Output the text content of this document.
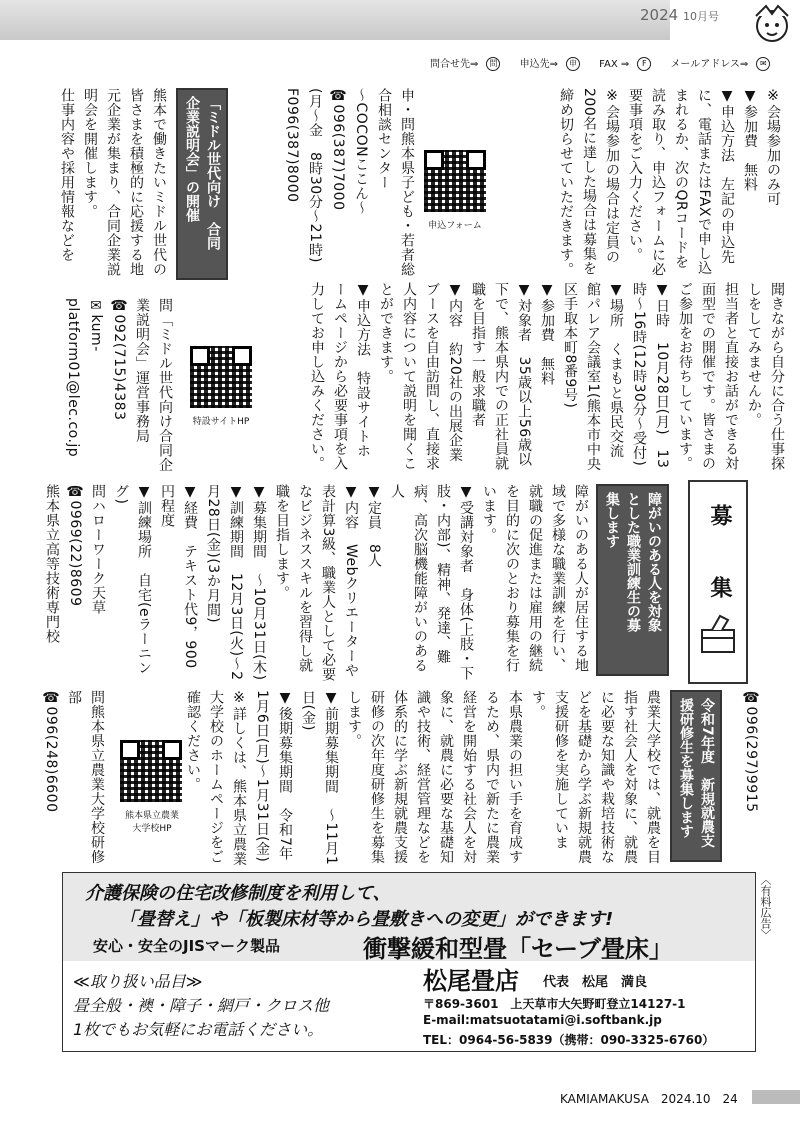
2024 10月号
問合せ先⇒ 問 申込先⇒ 申 FAX ⇒ F メールアドレス⇒ ✉
※会場参加のみ可
▼参加費　無料
▼申込方法　左記の申込先に、電話またはFAXで申し込まれるか、次のQRコードを読み取り、申込フォームに必要事項をご入力ください。
※会場参加の場合は定員の200名に達した場合は募集を締め切らせていただきます。
申込フォーム
申・問熊本県子ども・若者総合相談センター
〜COCONここん〜
☎096(387)7000
(月〜金　8時30分〜21時)
F096(387)8000
「ミドル世代向け　合同
企業説明会」の開催
熊本で働きたいミドル世代の皆さまを積極的に応援する地元企業が集まり、合同企業説明会を開催します。
仕事内容や採用情報などを
聞きながら自分に合う仕事探しをしてみませんか。
担当者と直接お話ができる対面型での開催です。皆さまのご参加をお待ちしています。
▼日時　10月28日(月)　13時〜16時(12時30分〜受付)
▼場所　くまもと県民交流館パレア会議室1(熊本市中央区手取本町8番9号)
▼参加費　無料
▼対象者　35歳以上56歳以下で、熊本県内での正社員就職を目指す一般求職者
▼内容　約20社の出展企業ブースを自由訪問し、直接求人内容について説明を聞くことができます。
▼申込方法　特設サイトホームページから必要事項を入力してお申し込みください。
特設サイトHP
問「ミドル世代向け合同企業説明会」運営事務局
☎092(715)4383
✉kum-platform01@lec.co.jp
募　集
障がいのある人を対象
とした職業訓練生の募
集します
障がいのある人が居住する地域で多様な職業訓練を行い、就職の促進または雇用の継続を目的に次のとおり募集を行います。
▼受講対象者　身体(上肢・下肢・内部)、精神、発達、難病、高次脳機能障がいのある人
▼定員　8人
▼内容　Webクリエーターや表計算3級、職業人として必要なビジネススキルを習得し就職を目指します。
▼募集期間　〜10月31日(木)
▼訓練期間　12月3日(火)〜2月28日(金)(3か月間)
▼経費　テキスト代9，900円程度
▼訓練場所　自宅(eラーニング)
問ハローワーク天草
☎0969(22)8609
熊本県立高等技術専門校
☎096(297)9915
令和7年度　新規就農支
援研修生を募集します
農業大学校では、就農を目指す社会人を対象に、就農に必要な知識や栽培技術などを基礎から学ぶ新規就農支援研修を実施しています。
本県農業の担い手を育成するため、県内で新たに農業経営を開始する社会人を対象に、就農に必要な基礎知識や技術、経営管理などを体系的に学ぶ新規就農支援研修の次年度研修生を募集します。
▼前期募集期間　〜11月1日(金)
▼後期募集期間　令和7年1月6日(月)〜1月31日(金)
※詳しくは、熊本県立農業大学校のホームページをご確認ください。
熊本県立農業
大学校HP
問熊本県立農業大学校研修部
☎096(248)6600
〈有料広告〉
介護保険の住宅改修制度を利用して、
「畳替え」や「板製床材等から畳敷きへの変更」ができます!
安心・安全のJISマーク製品	衝撃緩和型畳「セーブ畳床」
≪取り扱い品目≫
畳全般・襖・障子・網戸・クロス他
1枚でもお気軽にお電話ください。
松尾畳店 代表　松尾　満良
〒869-3601　上天草市大矢野町登立14127-1
E-mail:matsuotatami@i.softbank.jp
TEL：0964-56-5839（携帯：090-3325-6760）
KAMIAMAKUSA　2024.10　24
